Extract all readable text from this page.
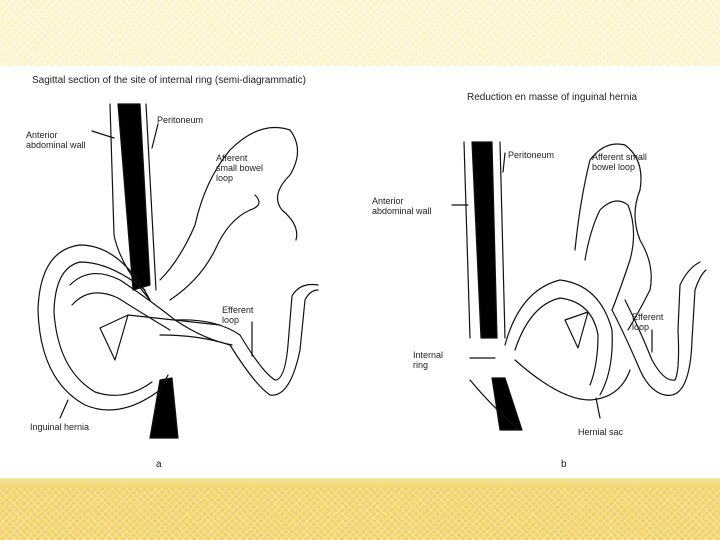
Sagittal section of the site of internal ring (semi-diagrammatic)
Anterior
abdominal wall
Peritoneum
Afferent
small bowel
loop
Efferent
loop
Inguinal hernia
a
Reduction en masse of inguinal hernia
Peritoneum	Afferent small
bowel loop
Anterior
abdominal wall
Efferent
loop
Internal
ring
Hernial sac
b
